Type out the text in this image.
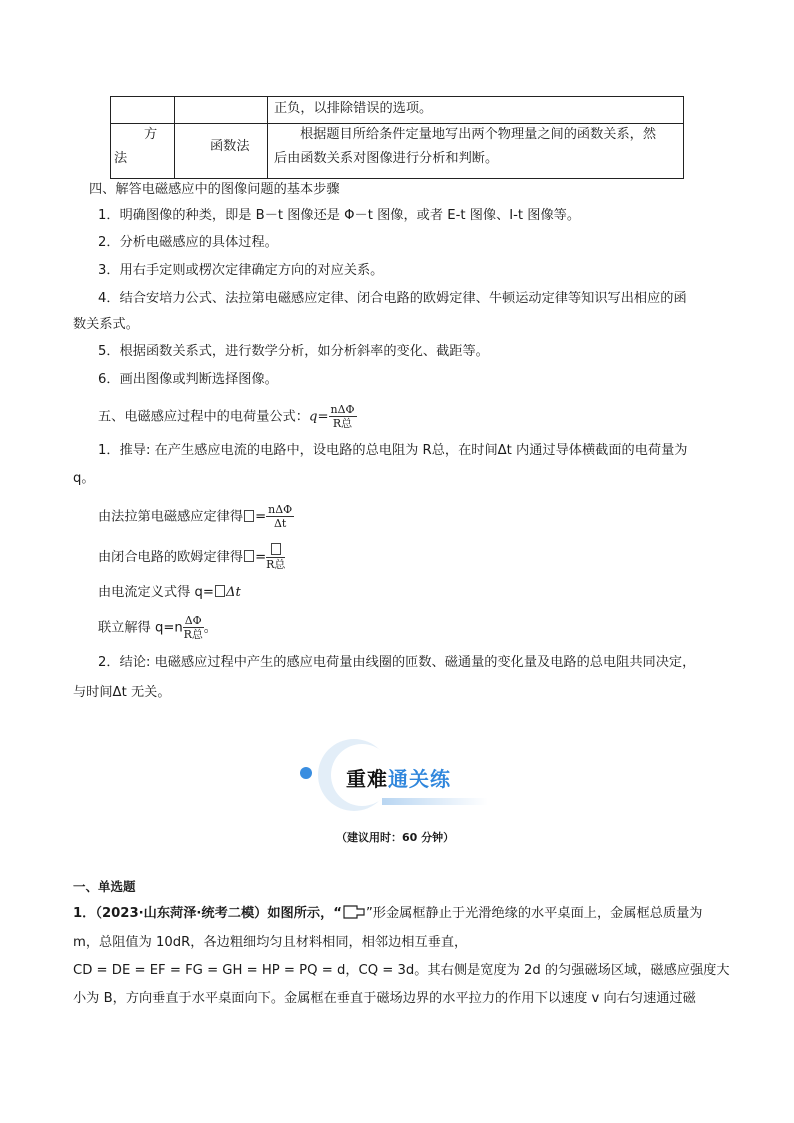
正负，以排除错误的选项。
方
法
函数法
根据题目所给条件定量地写出两个物理量之间的函数关系，然
后由函数关系对图像进行分析和判断。
四、解答电磁感应中的图像问题的基本步骤
1．明确图像的种类，即是 B－t 图像还是 Φ－t 图像，或者 E-t 图像、I-t 图像等。
2．分析电磁感应的具体过程。
3．用右手定则或楞次定律确定方向的对应关系。
4．结合安培力公式、法拉第电磁感应定律、闭合电路的欧姆定律、牛顿运动定律等知识写出相应的函
数关系式。
5．根据函数关系式，进行数学分析，如分析斜率的变化、截距等。
6．画出图像或判断选择图像。
五、电磁感应过程中的电荷量公式：$q= \frac{\text{nΔΦ}}{\text{R总}}$
1．推导: 在产生感应电流的电路中，设电路的总电阻为 R总，在时间Δt 内通过导体横截面的电荷量为
q。
由法拉第电磁感应定律得 = $\frac{\text{nΔΦ}}{\Delta t}$
由闭合电路的欧姆定律得 = R总
由电流定义式得 q= Δt
联立解得 $q=n \frac{\Delta\Phi}{\text{R总}}$ 。
2．结论: 电磁感应过程中产生的感应电荷量由线圈的匝数、磁通量的变化量及电路的总电阻共同决定，
与时间Δt 无关。
重难通关练
（建议用时：60 分钟）
一、单选题
1．（2023·山东菏泽·统考二模）如图所示，“ ”形金属框静止于光滑绝缘的水平桌面上，金属框总质量为
m，总阻值为 10dR，各边粗细均匀且材料相同，相邻边相互垂直，
CD = DE = EF = FG = GH = HP = PQ = d，CQ = 3d。其右侧是宽度为 2d 的匀强磁场区域，磁感应强度大
小为 B，方向垂直于水平桌面向下。金属框在垂直于磁场边界的水平拉力的作用下以速度 v 向右匀速通过磁
